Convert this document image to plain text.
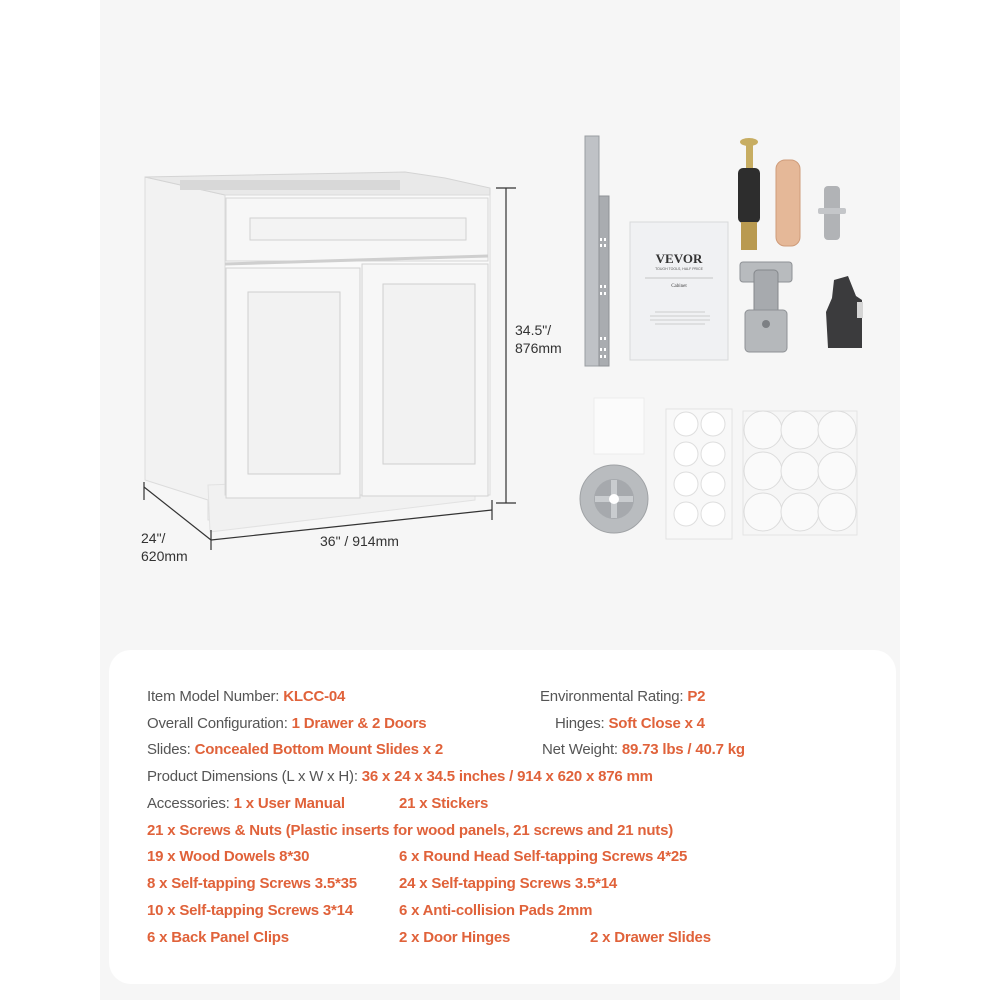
34.5"/
876mm
36" / 914mm
24"/
620mm
VEVOR
TOUGH TOOLS, HALF PRICE
Cabinet
Item Model Number: KLCC-04	Environmental Rating: P2
Overall Configuration: 1 Drawer & 2 Doors	Hinges: Soft Close x 4
Slides: Concealed Bottom Mount Slides x 2	Net Weight: 89.73 lbs / 40.7 kg
Product Dimensions (L x W x H): 36 x 24 x 34.5 inches / 914 x 620 x 876 mm
Accessories: 1 x User Manual	21 x Stickers
21 x Screws & Nuts (Plastic inserts for wood panels, 21 screws and 21 nuts)
19 x Wood Dowels 8*30	6 x Round Head Self-tapping Screws 4*25
8 x Self-tapping Screws 3.5*35	24 x Self-tapping Screws 3.5*14
10 x Self-tapping Screws 3*14	6 x Anti-collision Pads 2mm
6 x Back Panel Clips	2 x Door Hinges	2 x Drawer Slides
